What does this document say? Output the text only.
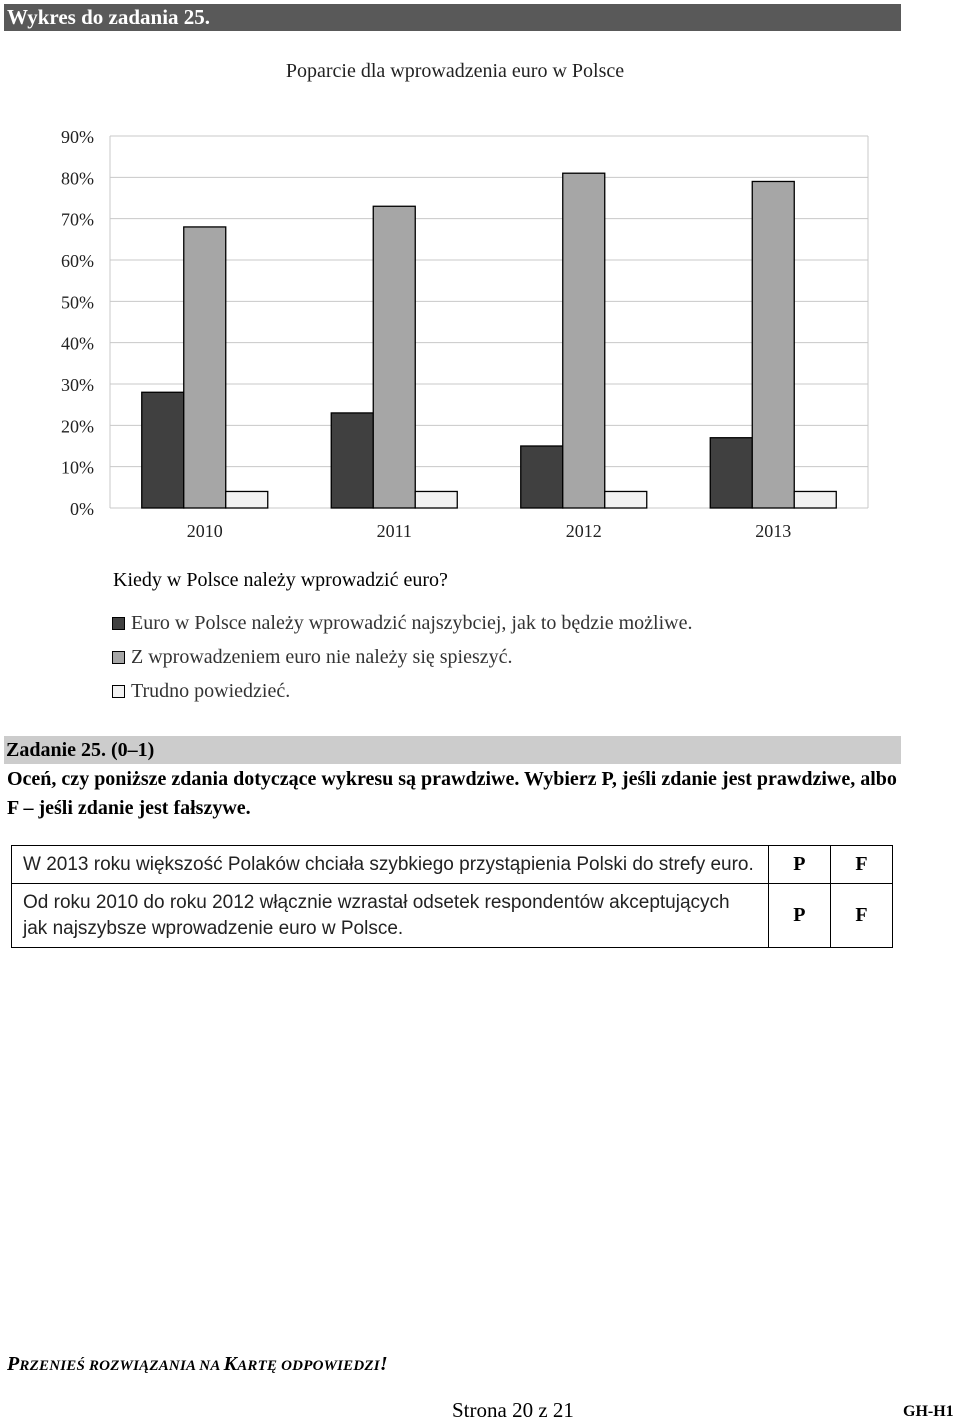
Wykres do zadania 25.
Poparcie dla wprowadzenia euro w Polsce
0%
10%
20%
30%
40%
50%
60%
70%
80%
90%
2010	2011	2012	2013
Kiedy w Polsce należy wprowadzić euro?
Euro w Polsce należy wprowadzić najszybciej, jak to będzie możliwe.
Z wprowadzeniem euro nie należy się spieszyć.
Trudno powiedzieć.
Zadanie 25. (0–1)
Oceń, czy poniższe zdania dotyczące wykresu są prawdziwe. Wybierz P, jeśli zdanie jest prawdziwe, albo F – jeśli zdanie jest fałszywe.
W 2013 roku większość Polaków chciała szybkiego przystąpienia Polski do strefy euro.	P	F
Od roku 2010 do roku 2012 włącznie wzrastał odsetek respondentów akceptujących jak najszybsze wprowadzenie euro w Polsce.	P	F
PRZENIEŚ ROZWIĄZANIA NA KARTĘ ODPOWIEDZI!
Strona 20 z 21	GH-H1
